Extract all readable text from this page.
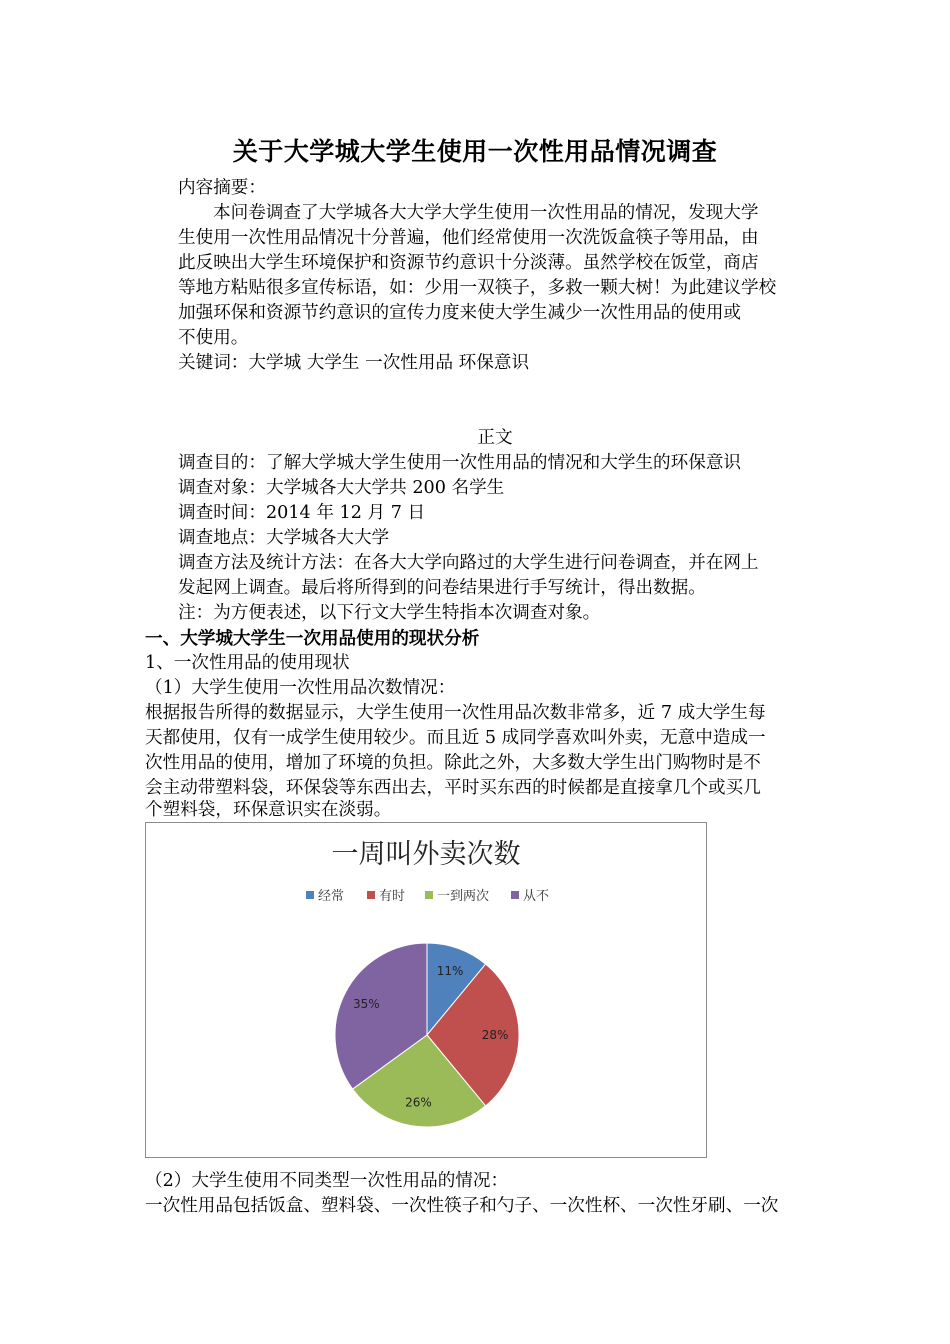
关于大学城大学生使用一次性用品情况调查
内容摘要：
本问卷调查了大学城各大大学大学生使用一次性用品的情况，发现大学
生使用一次性用品情况十分普遍，他们经常使用一次洗饭盒筷子等用品，由
此反映出大学生环境保护和资源节约意识十分淡薄。虽然学校在饭堂，商店
等地方粘贴很多宣传标语，如：少用一双筷子，多救一颗大树！为此建议学校
加强环保和资源节约意识的宣传力度来使大学生减少一次性用品的使用或
不使用。
关键词：大学城 大学生 一次性用品 环保意识
正文
调查目的：了解大学城大学生使用一次性用品的情况和大学生的环保意识
调查对象：大学城各大大学共 200 名学生
调查时间：2014 年 12 月 7 日
调查地点：大学城各大大学
调查方法及统计方法：在各大大学向路过的大学生进行问卷调查，并在网上
发起网上调查。最后将所得到的问卷结果进行手写统计，得出数据。
注：为方便表述，以下行文大学生特指本次调查对象。
一、大学城大学生一次用品使用的现状分析
1、一次性用品的使用现状
（1）大学生使用一次性用品次数情况：
根据报告所得的数据显示，大学生使用一次性用品次数非常多，近 7 成大学生每
天都使用，仅有一成学生使用较少。而且近 5 成同学喜欢叫外卖，无意中造成一
次性用品的使用，增加了环境的负担。除此之外，大多数大学生出门购物时是不
会主动带塑料袋，环保袋等东西出去，平时买东西的时候都是直接拿几个或买几
个塑料袋，环保意识实在淡弱。
一周叫外卖次数
经常	有时 一到两次	从不
11%
28%
26%
35%
（2）大学生使用不同类型一次性用品的情况：
一次性用品包括饭盒、塑料袋、一次性筷子和勺子、一次性杯、一次性牙刷、一次
